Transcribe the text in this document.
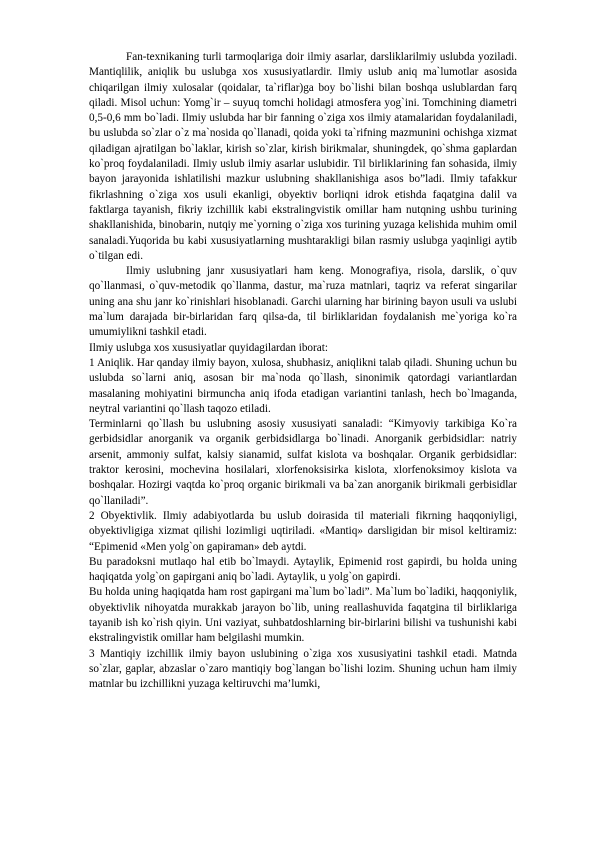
Fan-texnikaning turli tarmoqlariga doir ilmiy asarlar, darsliklarilmiy uslubda yoziladi. Mantiqlilik, aniqlik bu uslubga xos xususiyatlardir. Ilmiy uslub aniq ma`lumotlar asosida chiqarilgan ilmiy xulosalar (qoidalar, ta`riflar)ga boy bo`lishi bilan boshqa uslublardan farq qiladi. Misol uchun: Yomg`ir – suyuq tomchi holidagi atmosfera yog`ini. Tomchining diametri 0,5-0,6 mm bo`ladi. Ilmiy uslubda har bir fanning o`ziga xos ilmiy atamalaridan foydalaniladi, bu uslubda so`zlar o`z ma`nosida qo`llanadi, qoida yoki ta`rifning mazmunini ochishga xizmat qiladigan ajratilgan bo`laklar, kirish so`zlar, kirish birikmalar, shuningdek, qo`shma gaplardan ko`proq foydalaniladi. Ilmiy uslub ilmiy asarlar uslubidir. Til birliklarining fan sohasida, ilmiy bayon jarayonida ishlatilishi mazkur uslubning shakllanishiga asos bo”ladi. Ilmiy tafakkur fikrlashning o`ziga xos usuli ekanligi, obyektiv borliqni idrok etishda faqatgina dalil va faktlarga tayanish, fikriy izchillik kabi ekstralingvistik omillar ham nutqning ushbu turining shakllanishida, binobarin, nutqiy me`yorning o`ziga xos turining yuzaga kelishida muhim omil sanaladi.Yuqorida bu kabi xususiyatlarning mushtarakligi bilan rasmiy uslubga yaqinligi aytib o`tilgan edi.

Ilmiy uslubning janr xususiyatlari ham keng. Monografiya, risola, darslik, o`quv qo`llanmasi, o`quv-metodik qo`llanma, dastur, ma`ruza matnlari, taqriz va referat singarilar uning ana shu janr ko`rinishlari hisoblanadi. Garchi ularning har birining bayon usuli va uslubi ma`lum darajada bir-birlaridan farq qilsa-da, til birliklaridan foydalanish me`yoriga ko`ra umumiylikni tashkil etadi.

Ilmiy uslubga xos xususiyatlar quyidagilardan iborat:

1 Aniqlik. Har qanday ilmiy bayon, xulosa, shubhasiz, aniqlikni talab qiladi. Shuning uchun bu uslubda so`larni aniq, asosan bir ma`noda qo`llash, sinonimik qatordagi variantlardan masalaning mohiyatini birmuncha aniq ifoda etadigan variantini tanlash, hech bo`lmaganda, neytral variantini qo`llash taqozo etiladi.

Terminlarni qo`llash bu uslubning asosiy xususiyati sanaladi: “Kimyoviy tarkibiga Ko`ra gerbidsidlar anorganik va organik gerbidsidlarga bo`linadi. Anorganik gerbidsidlar: natriy arsenit, ammoniy sulfat, kalsiy sianamid, sulfat kislota va boshqalar. Organik gerbidsidlar: traktor kerosini, mochevina hosilalari, xlorfenoksisirka kislota, xlorfenoksimoy kislota va boshqalar. Hozirgi vaqtda ko`proq organic birikmali va ba`zan anorganik birikmali gerbisidlar qo`llaniladi”.

2 Obyektivlik. Ilmiy adabiyotlarda bu uslub doirasida til materiali fikrning haqqoniyligi, obyektivligiga xizmat qilishi lozimligi uqtiriladi. «Mantiq» darsligidan bir misol keltiramiz: “Epimenid «Men yolg`on gapiraman» deb aytdi.

Bu paradoksni mutlaqo hal etib bo`lmaydi. Aytaylik, Epimenid rost gapirdi, bu holda uning haqiqatda yolg`on gapirgani aniq bo`ladi. Aytaylik, u yolg`on gapirdi.

Bu holda uning haqiqatda ham rost gapirgani ma`lum bo`ladi”. Ma`lum bo`ladiki, haqqoniylik, obyektivlik nihoyatda murakkab jarayon bo`lib, uning reallashuvida faqatgina til birliklariga tayanib ish ko`rish qiyin. Uni vaziyat, suhbatdoshlarning bir-birlarini bilishi va tushunishi kabi ekstralingvistik omillar ham belgilashi mumkin.

3 Mantiqiy izchillik ilmiy bayon uslubining o`ziga xos xususiyatini tashkil etadi. Matnda so`zlar, gaplar, abzaslar o`zaro mantiqiy bog`langan bo`lishi lozim. Shuning uchun ham ilmiy matnlar bu izchillikni yuzaga keltiruvchi ma’lumki,
